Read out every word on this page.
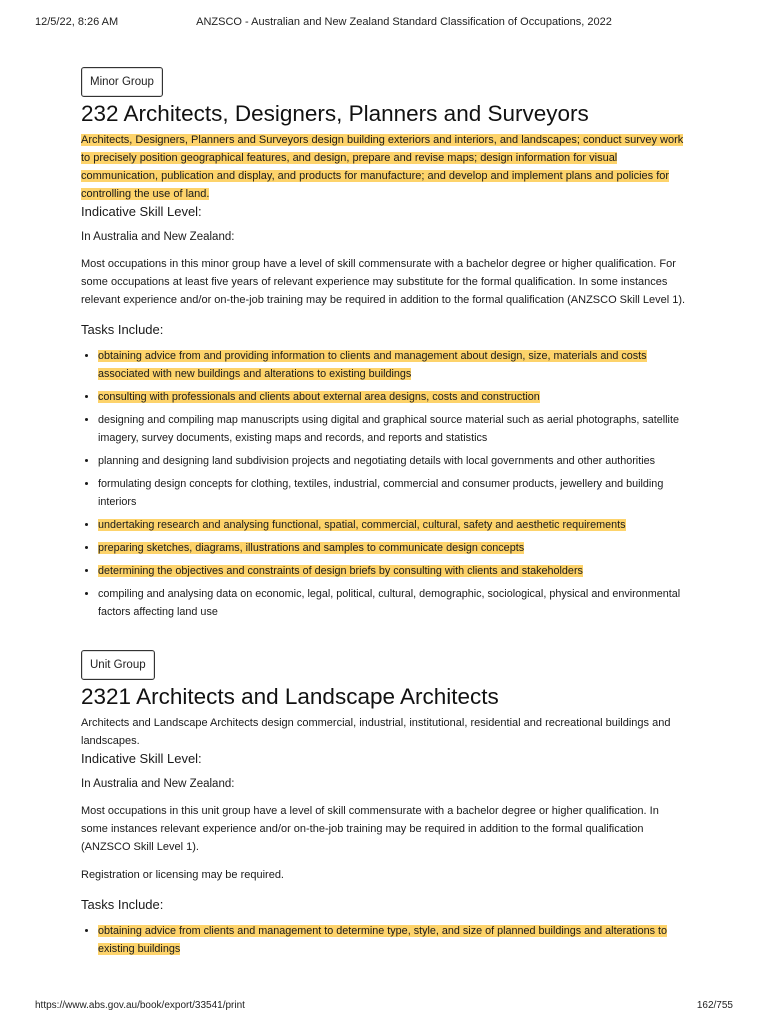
12/5/22, 8:26 AM	ANZSCO - Australian and New Zealand Standard Classification of Occupations, 2022
Minor Group
232 Architects, Designers, Planners and Surveyors

Architects, Designers, Planners and Surveyors design building exteriors and interiors, and landscapes; conduct survey work to precisely position geographical features, and design, prepare and revise maps; design information for visual communication, publication and display, and products for manufacture; and develop and implement plans and policies for controlling the use of land.

Indicative Skill Level:

In Australia and New Zealand:

Most occupations in this minor group have a level of skill commensurate with a bachelor degree or higher qualification. For some occupations at least five years of relevant experience may substitute for the formal qualification. In some instances relevant experience and/or on-the-job training may be required in addition to the formal qualification (ANZSCO Skill Level 1).

Tasks Include:

• obtaining advice from and providing information to clients and management about design, size, materials and costs associated with new buildings and alterations to existing buildings
• consulting with professionals and clients about external area designs, costs and construction
• designing and compiling map manuscripts using digital and graphical source material such as aerial photographs, satellite imagery, survey documents, existing maps and records, and reports and statistics
• planning and designing land subdivision projects and negotiating details with local governments and other authorities
• formulating design concepts for clothing, textiles, industrial, commercial and consumer products, jewellery and building interiors
• undertaking research and analysing functional, spatial, commercial, cultural, safety and aesthetic requirements
• preparing sketches, diagrams, illustrations and samples to communicate design concepts
• determining the objectives and constraints of design briefs by consulting with clients and stakeholders
• compiling and analysing data on economic, legal, political, cultural, demographic, sociological, physical and environmental factors affecting land use
Unit Group
2321 Architects and Landscape Architects

Architects and Landscape Architects design commercial, industrial, institutional, residential and recreational buildings and landscapes.

Indicative Skill Level:

In Australia and New Zealand:

Most occupations in this unit group have a level of skill commensurate with a bachelor degree or higher qualification. In some instances relevant experience and/or on-the-job training may be required in addition to the formal qualification (ANZSCO Skill Level 1).

Registration or licensing may be required.

Tasks Include:

• obtaining advice from clients and management to determine type, style, and size of planned buildings and alterations to existing buildings
https://www.abs.gov.au/book/export/33541/print	162/755
